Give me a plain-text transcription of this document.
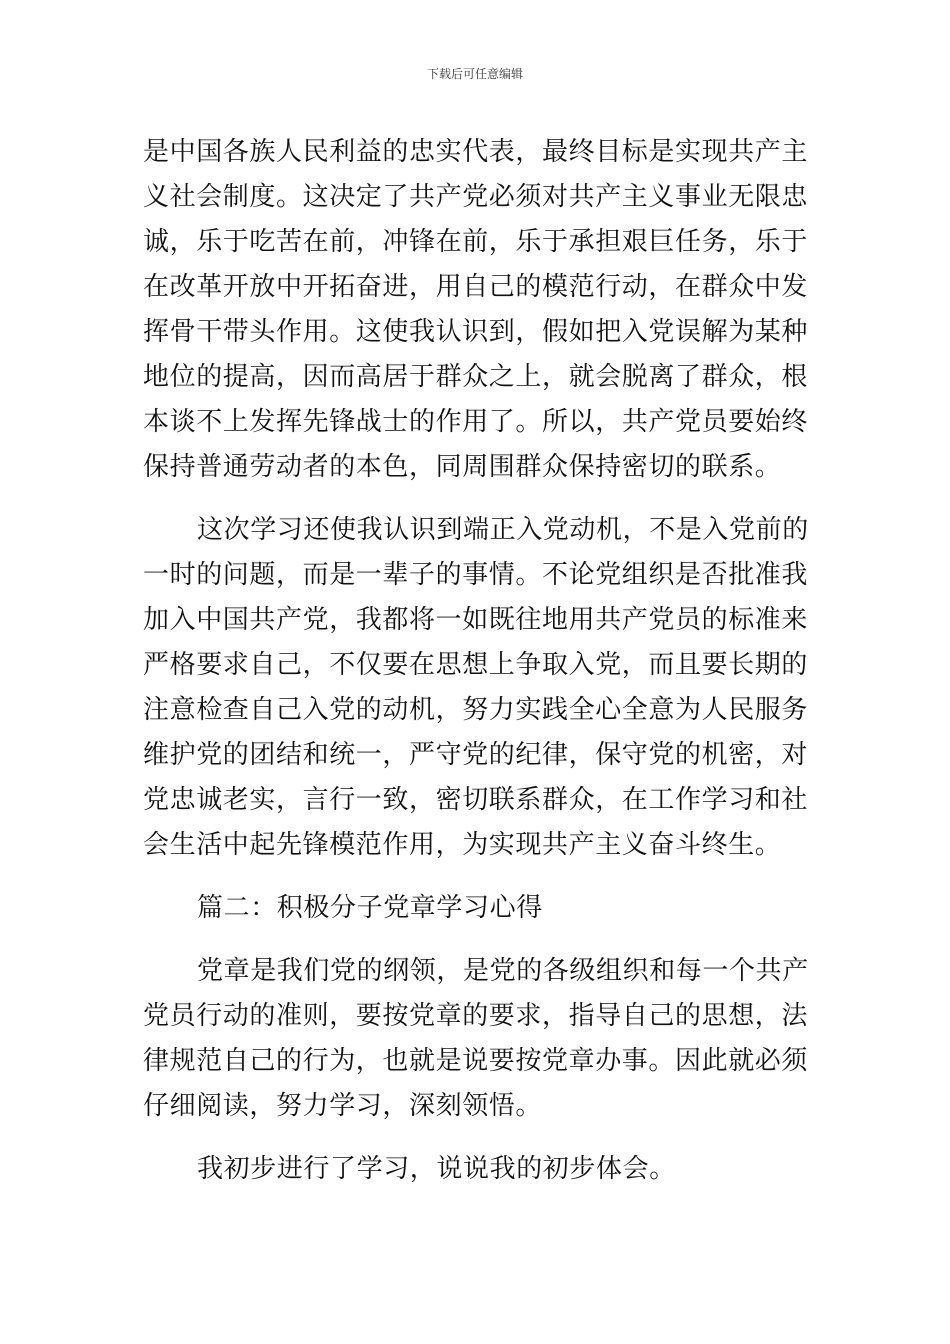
下载后可任意编辑
是中国各族人民利益的忠实代表，最终目标是实现共产主
义社会制度。这决定了共产党必须对共产主义事业无限忠
诚，乐于吃苦在前，冲锋在前，乐于承担艰巨任务，乐于
在改革开放中开拓奋进，用自己的模范行动，在群众中发
挥骨干带头作用。这使我认识到，假如把入党误解为某种
地位的提高，因而高居于群众之上，就会脱离了群众，根
本谈不上发挥先锋战士的作用了。所以，共产党员要始终
保持普通劳动者的本色，同周围群众保持密切的联系。
这次学习还使我认识到端正入党动机，不是入党前的
一时的问题，而是一辈子的事情。不论党组织是否批准我
加入中国共产党，我都将一如既往地用共产党员的标准来
严格要求自己，不仅要在思想上争取入党，而且要长期的
注意检查自己入党的动机，努力实践全心全意为人民服务
维护党的团结和统一，严守党的纪律，保守党的机密，对
党忠诚老实，言行一致，密切联系群众，在工作学习和社
会生活中起先锋模范作用，为实现共产主义奋斗终生。
篇二：积极分子党章学习心得
党章是我们党的纲领，是党的各级组织和每一个共产
党员行动的准则，要按党章的要求，指导自己的思想，法
律规范自己的行为，也就是说要按党章办事。因此就必须
仔细阅读，努力学习，深刻领悟。
我初步进行了学习，说说我的初步体会。
